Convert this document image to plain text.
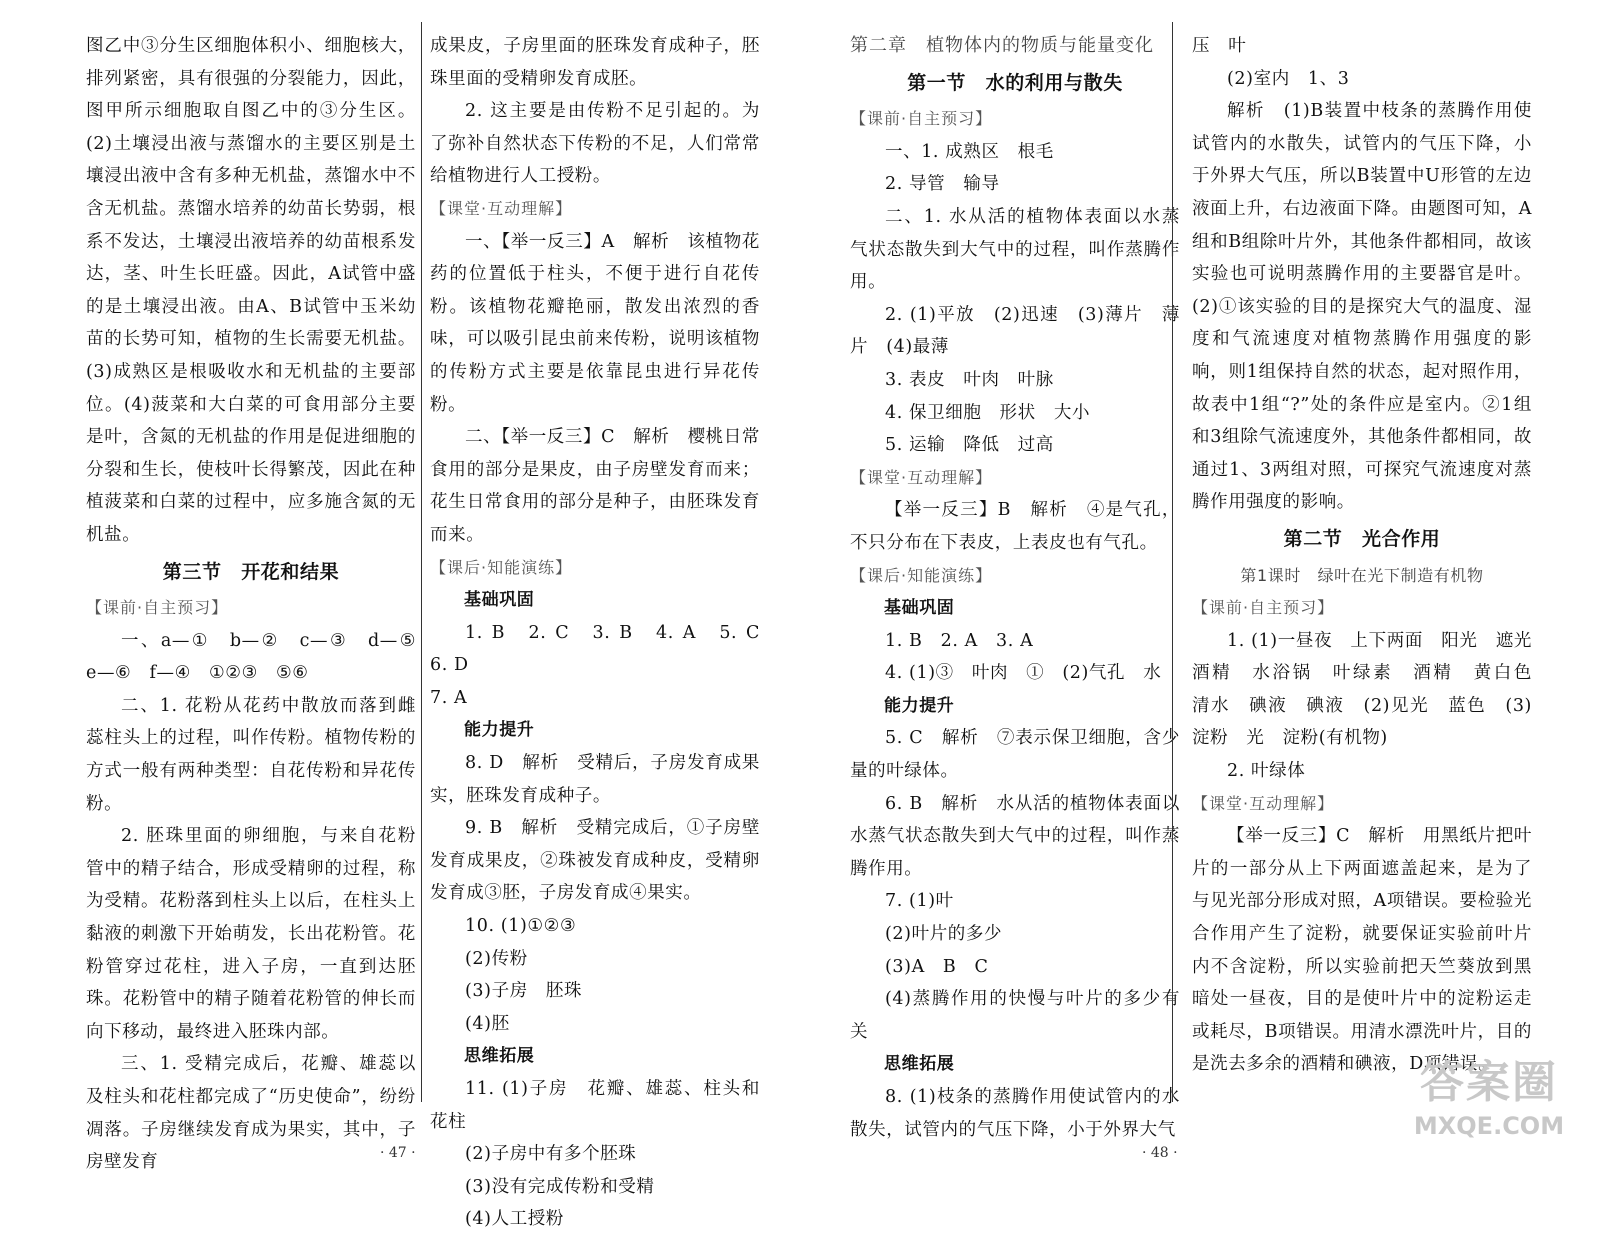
图乙中③分生区细胞体积小、细胞核大，排列紧密，具有很强的分裂能力，因此，图甲所示细胞取自图乙中的③分生区。(2)土壤浸出液与蒸馏水的主要区别是土壤浸出液中含有多种无机盐，蒸馏水中不含无机盐。蒸馏水培养的幼苗长势弱，根系不发达，土壤浸出液培养的幼苗根系发达，茎、叶生长旺盛。因此，A试管中盛的是土壤浸出液。由A、B试管中玉米幼苗的长势可知，植物的生长需要无机盐。(3)成熟区是根吸收水和无机盐的主要部位。(4)菠菜和大白菜的可食用部分主要是叶，含氮的无机盐的作用是促进细胞的分裂和生长，使枝叶长得繁茂，因此在种植菠菜和白菜的过程中，应多施含氮的无机盐。

第三节　开花和结果

【课前·自主预习】

一、a—①　b—②　c—③　d—⑤　e—⑥　f—④　①②③　⑤⑥

二、1. 花粉从花药中散放而落到雌蕊柱头上的过程，叫作传粉。植物传粉的方式一般有两种类型：自花传粉和异花传粉。

2. 胚珠里面的卵细胞，与来自花粉管中的精子结合，形成受精卵的过程，称为受精。花粉落到柱头上以后，在柱头上黏液的刺激下开始萌发，长出花粉管。花粉管穿过花柱，进入子房，一直到达胚珠。花粉管中的精子随着花粉管的伸长而向下移动，最终进入胚珠内部。

三、1. 受精完成后，花瓣、雄蕊以及柱头和花柱都完成了“历史使命”，纷纷凋落。子房继续发育成为果实，其中，子房壁发育

成果皮，子房里面的胚珠发育成种子，胚珠里面的受精卵发育成胚。

2. 这主要是由传粉不足引起的。为了弥补自然状态下传粉的不足，人们常常给植物进行人工授粉。

【课堂·互动理解】

一、【举一反三】A　解析　该植物花药的位置低于柱头，不便于进行自花传粉。该植物花瓣艳丽，散发出浓烈的香味，可以吸引昆虫前来传粉，说明该植物的传粉方式主要是依靠昆虫进行异花传粉。

二、【举一反三】C　解析　樱桃日常食用的部分是果皮，由子房壁发育而来；花生日常食用的部分是种子，由胚珠发育而来。

【课后·知能演练】

基础巩固

1. B　2. C　3. B　4. A　5. C　6. D

7. A

能力提升

8. D　解析　受精后，子房发育成果实，胚珠发育成种子。

9. B　解析　受精完成后，①子房壁发育成果皮，②珠被发育成种皮，受精卵发育成③胚，子房发育成④果实。

10. (1)①②③

(2)传粉

(3)子房　胚珠

(4)胚

思维拓展

11. (1)子房　花瓣、雄蕊、柱头和花柱

(2)子房中有多个胚珠

(3)没有完成传粉和受精

(4)人工授粉

第二章　植物体内的物质与能量变化

第一节　水的利用与散失

【课前·自主预习】

一、1. 成熟区　根毛

2. 导管　输导

二、1. 水从活的植物体表面以水蒸气状态散失到大气中的过程，叫作蒸腾作用。

2. (1)平放　(2)迅速　(3)薄片　薄片　(4)最薄

3. 表皮　叶肉　叶脉

4. 保卫细胞　形状　大小

5. 运输　降低　过高

【课堂·互动理解】

【举一反三】B　解析　④是气孔，不只分布在下表皮，上表皮也有气孔。

【课后·知能演练】

基础巩固

1. B　2. A　3. A

4. (1)③　叶肉　①　(2)气孔　水

能力提升

5. C　解析　⑦表示保卫细胞，含少量的叶绿体。

6. B　解析　水从活的植物体表面以水蒸气状态散失到大气中的过程，叫作蒸腾作用。

7. (1)叶

(2)叶片的多少

(3)A　B　C

(4)蒸腾作用的快慢与叶片的多少有关

思维拓展

8. (1)枝条的蒸腾作用使试管内的水散失，试管内的气压下降，小于外界大气

压　叶

(2)室内　1、3

解析　(1)B装置中枝条的蒸腾作用使试管内的水散失，试管内的气压下降，小于外界大气压，所以B装置中U形管的左边液面上升，右边液面下降。由题图可知，A组和B组除叶片外，其他条件都相同，故该实验也可说明蒸腾作用的主要器官是叶。(2)①该实验的目的是探究大气的温度、湿度和气流速度对植物蒸腾作用强度的影响，则1组保持自然的状态，起对照作用，故表中1组“?”处的条件应是室内。②1组和3组除气流速度外，其他条件都相同，故通过1、3两组对照，可探究气流速度对蒸腾作用强度的影响。

第二节　光合作用

第1课时　绿叶在光下制造有机物

【课前·自主预习】

1. (1)一昼夜　上下两面　阳光　遮光　酒精　水浴锅　叶绿素　酒精　黄白色　清水　碘液　碘液　(2)见光　蓝色　(3)淀粉　光　淀粉(有机物)

2. 叶绿体

【课堂·互动理解】

【举一反三】C　解析　用黑纸片把叶片的一部分从上下两面遮盖起来，是为了与见光部分形成对照，A项错误。要检验光合作用产生了淀粉，就要保证实验前叶片内不含淀粉，所以实验前把天竺葵放到黑暗处一昼夜，目的是使叶片中的淀粉运走或耗尽，B项错误。用清水漂洗叶片，目的是洗去多余的酒精和碘液，D项错误。

· 47 ·	· 48 ·
答案圈
MXQE.COM
